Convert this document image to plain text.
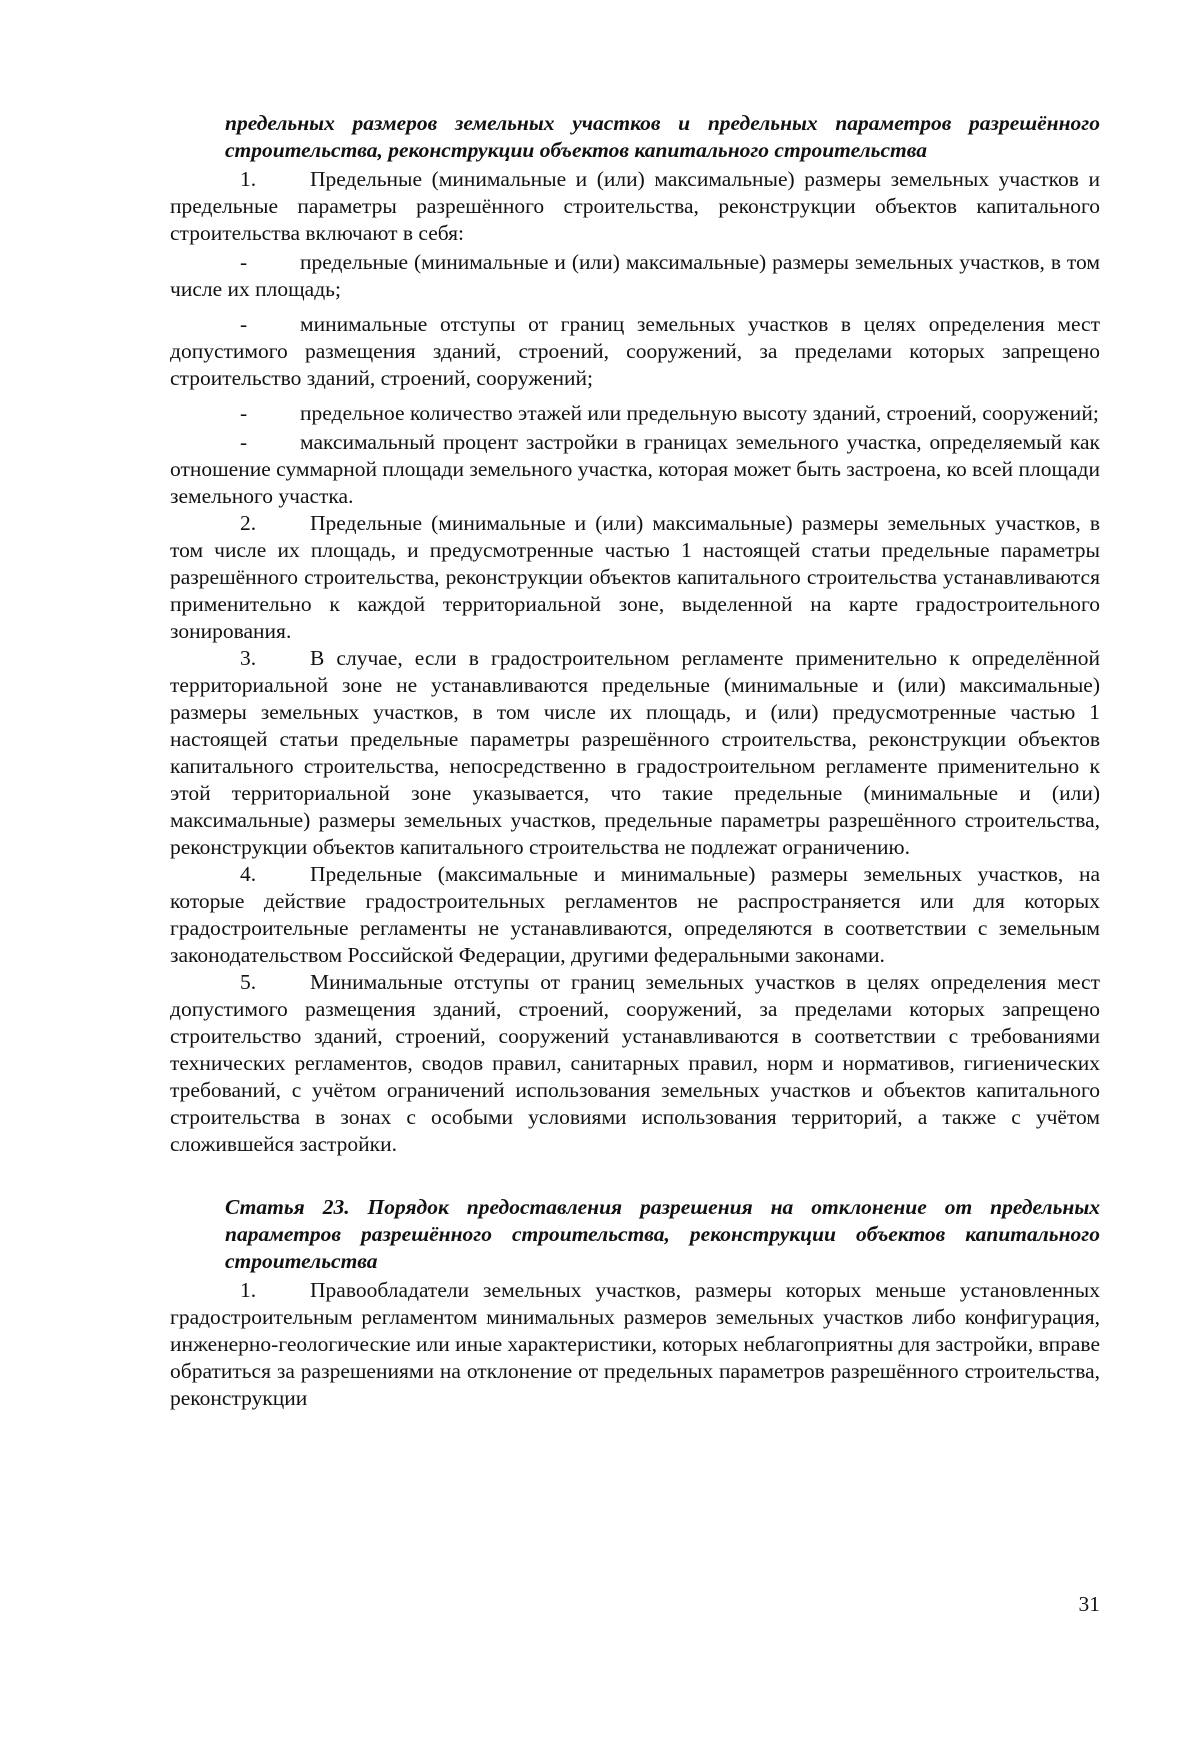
предельных размеров земельных участков и предельных параметров разрешённого строительства, реконструкции объектов капитального строительства

1.	Предельные (минимальные и (или) максимальные) размеры земельных участков и предельные параметры разрешённого строительства, реконструкции объектов капитального строительства включают в себя:

- предельные (минимальные и (или) максимальные) размеры земельных участков, в том числе их площадь;

- минимальные отступы от границ земельных участков в целях определения мест допустимого размещения зданий, строений, сооружений, за пределами которых запрещено строительство зданий, строений, сооружений;

- предельное количество этажей или предельную высоту зданий, строений, сооружений;

- максимальный процент застройки в границах земельного участка, определяемый как отношение суммарной площади земельного участка, которая может быть застроена, ко всей площади земельного участка.

2.	Предельные (минимальные и (или) максимальные) размеры земельных участков, в том числе их площадь, и предусмотренные частью 1 настоящей статьи предельные параметры разрешённого строительства, реконструкции объектов капитального строительства устанавливаются применительно к каждой территориальной зоне, выделенной на карте градостроительного зонирования.

3.	В случае, если в градостроительном регламенте применительно к определённой территориальной зоне не устанавливаются предельные (минимальные и (или) максимальные) размеры земельных участков, в том числе их площадь, и (или) предусмотренные частью 1 настоящей статьи предельные параметры разрешённого строительства, реконструкции объектов капитального строительства, непосредственно в градостроительном регламенте применительно к этой территориальной зоне указывается, что такие предельные (минимальные и (или) максимальные) размеры земельных участков, предельные параметры разрешённого строительства, реконструкции объектов капитального строительства не подлежат ограничению.

4.	Предельные (максимальные и минимальные) размеры земельных участков, на которые действие градостроительных регламентов не распространяется или для которых градостроительные регламенты не устанавливаются, определяются в соответствии с земельным законодательством Российской Федерации, другими федеральными законами.

5.	Минимальные отступы от границ земельных участков в целях определения мест допустимого размещения зданий, строений, сооружений, за пределами которых запрещено строительство зданий, строений, сооружений устанавливаются в соответствии с требованиями технических регламентов, сводов правил, санитарных правил, норм и нормативов, гигиенических требований, с учётом ограничений использования земельных участков и объектов капитального строительства в зонах с особыми условиями использования территорий, а также с учётом сложившейся застройки.

Статья 23. Порядок предоставления разрешения на отклонение от предельных параметров разрешённого строительства, реконструкции объектов капитального строительства

1.	Правообладатели земельных участков, размеры которых меньше установленных градостроительным регламентом минимальных размеров земельных участков либо конфигурация, инженерно-геологические или иные характеристики, которых неблагоприятны для застройки, вправе обратиться за разрешениями на отклонение от предельных параметров разрешённого строительства, реконструкции

31
